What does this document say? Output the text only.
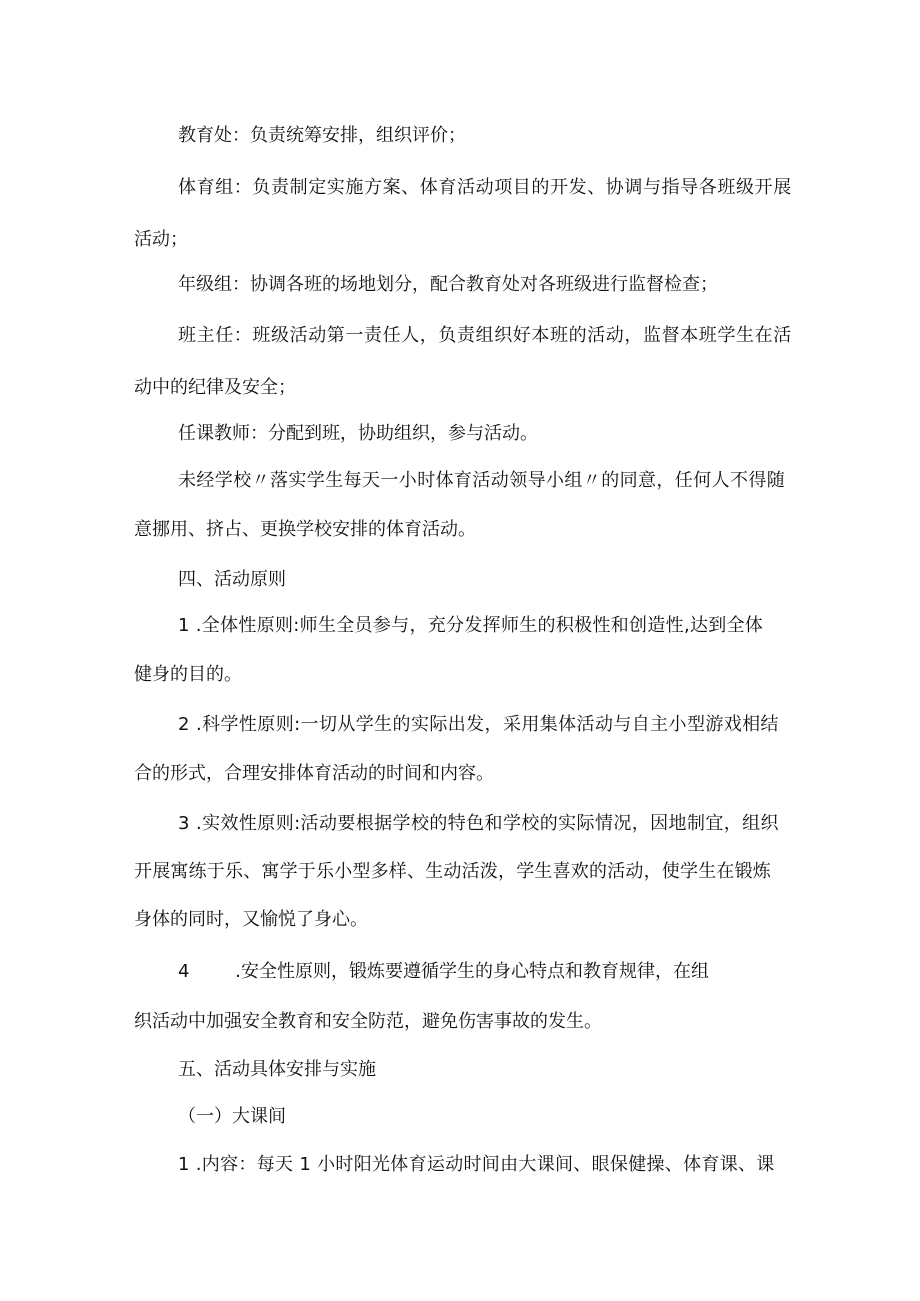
教育处：负责统筹安排，组织评价；
体育组：负责制定实施方案、体育活动项目的开发、协调与指导各班级开展
活动；
年级组：协调各班的场地划分，配合教育处对各班级进行监督检查；
班主任：班级活动第一责任人，负责组织好本班的活动，监督本班学生在活
动中的纪律及安全；
任课教师：分配到班，协助组织，参与活动。
未经学校〃落实学生每天一小时体育活动领导小组〃的同意，任何人不得随
意挪用、挤占、更换学校安排的体育活动。
四、活动原则
1 .全体性原则:师生全员参与，充分发挥师生的积极性和创造性,达到全体
健身的目的。
2 .科学性原则:一切从学生的实际出发，采用集体活动与自主小型游戏相结
合的形式，合理安排体育活动的时间和内容。
3 .实效性原则:活动要根据学校的特色和学校的实际情况，因地制宜，组织
开展寓练于乐、寓学于乐小型多样、生动活泼，学生喜欢的活动，使学生在锻炼
身体的同时，又愉悦了身心。
4        .安全性原则，锻炼要遵循学生的身心特点和教育规律，在组
织活动中加强安全教育和安全防范，避免伤害事故的发生。
五、活动具体安排与实施
（一）大课间
1 .内容：每天 1 小时阳光体育运动时间由大课间、眼保健操、体育课、课
